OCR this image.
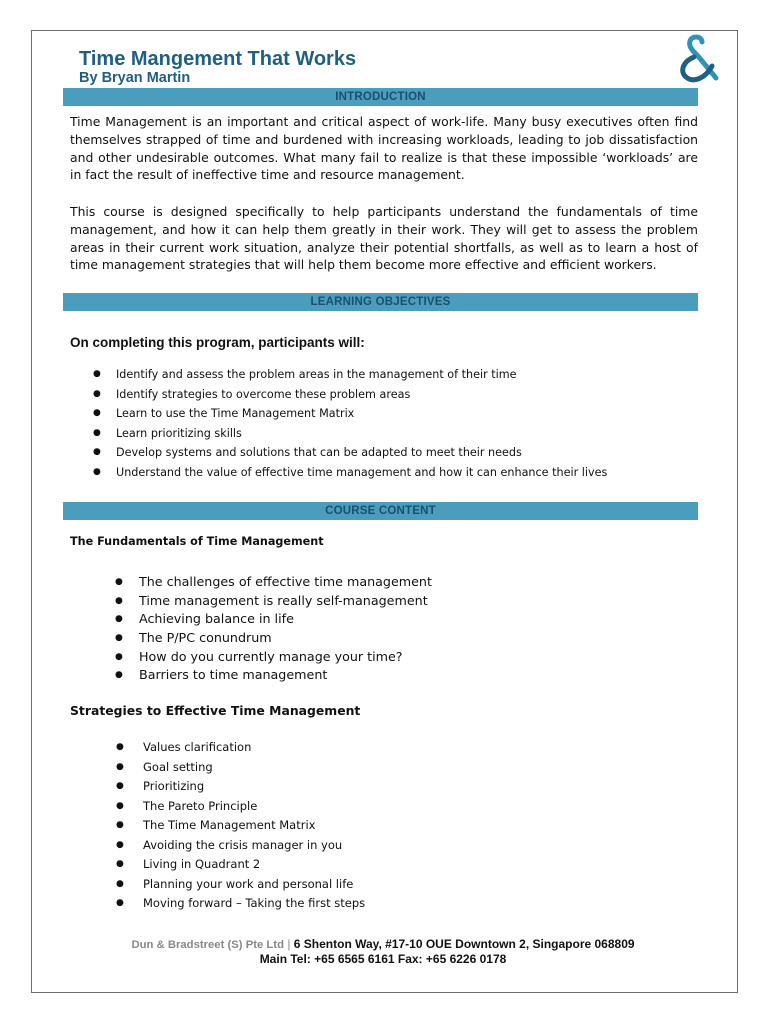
Time Mangement That Works

By Bryan Martin

INTRODUCTION

Time Management is an important and critical aspect of work-life. Many busy executives often find themselves strapped of time and burdened with increasing workloads, leading to job dissatisfaction and other undesirable outcomes. What many fail to realize is that these impossible ‘workloads’ are in fact the result of ineffective time and resource management.

This course is designed specifically to help participants understand the fundamentals of time management, and how it can help them greatly in their work. They will get to assess the problem areas in their current work situation, analyze their potential shortfalls, as well as to learn a host of time management strategies that will help them become more effective and efficient workers.

LEARNING OBJECTIVES

On completing this program, participants will:

● Identify and assess the problem areas in the management of their time
● Identify strategies to overcome these problem areas
● Learn to use the Time Management Matrix
● Learn prioritizing skills
● Develop systems and solutions that can be adapted to meet their needs
● Understand the value of effective time management and how it can enhance their lives
COURSE CONTENT

The Fundamentals of Time Management

● The challenges of effective time management
● Time management is really self-management
● Achieving balance in life
● The P/PC conundrum
● How do you currently manage your time?
● Barriers to time management

Strategies to Effective Time Management

● Values clarification
● Goal setting
● Prioritizing
● The Pareto Principle
● The Time Management Matrix
● Avoiding the crisis manager in you
● Living in Quadrant 2
● Planning your work and personal life
● Moving forward – Taking the first steps

Dun & Bradstreet (S) Pte Ltd | 6 Shenton Way, #17-10 OUE Downtown 2, Singapore 068809

Main Tel: +65 6565 6161 Fax: +65 6226 0178
